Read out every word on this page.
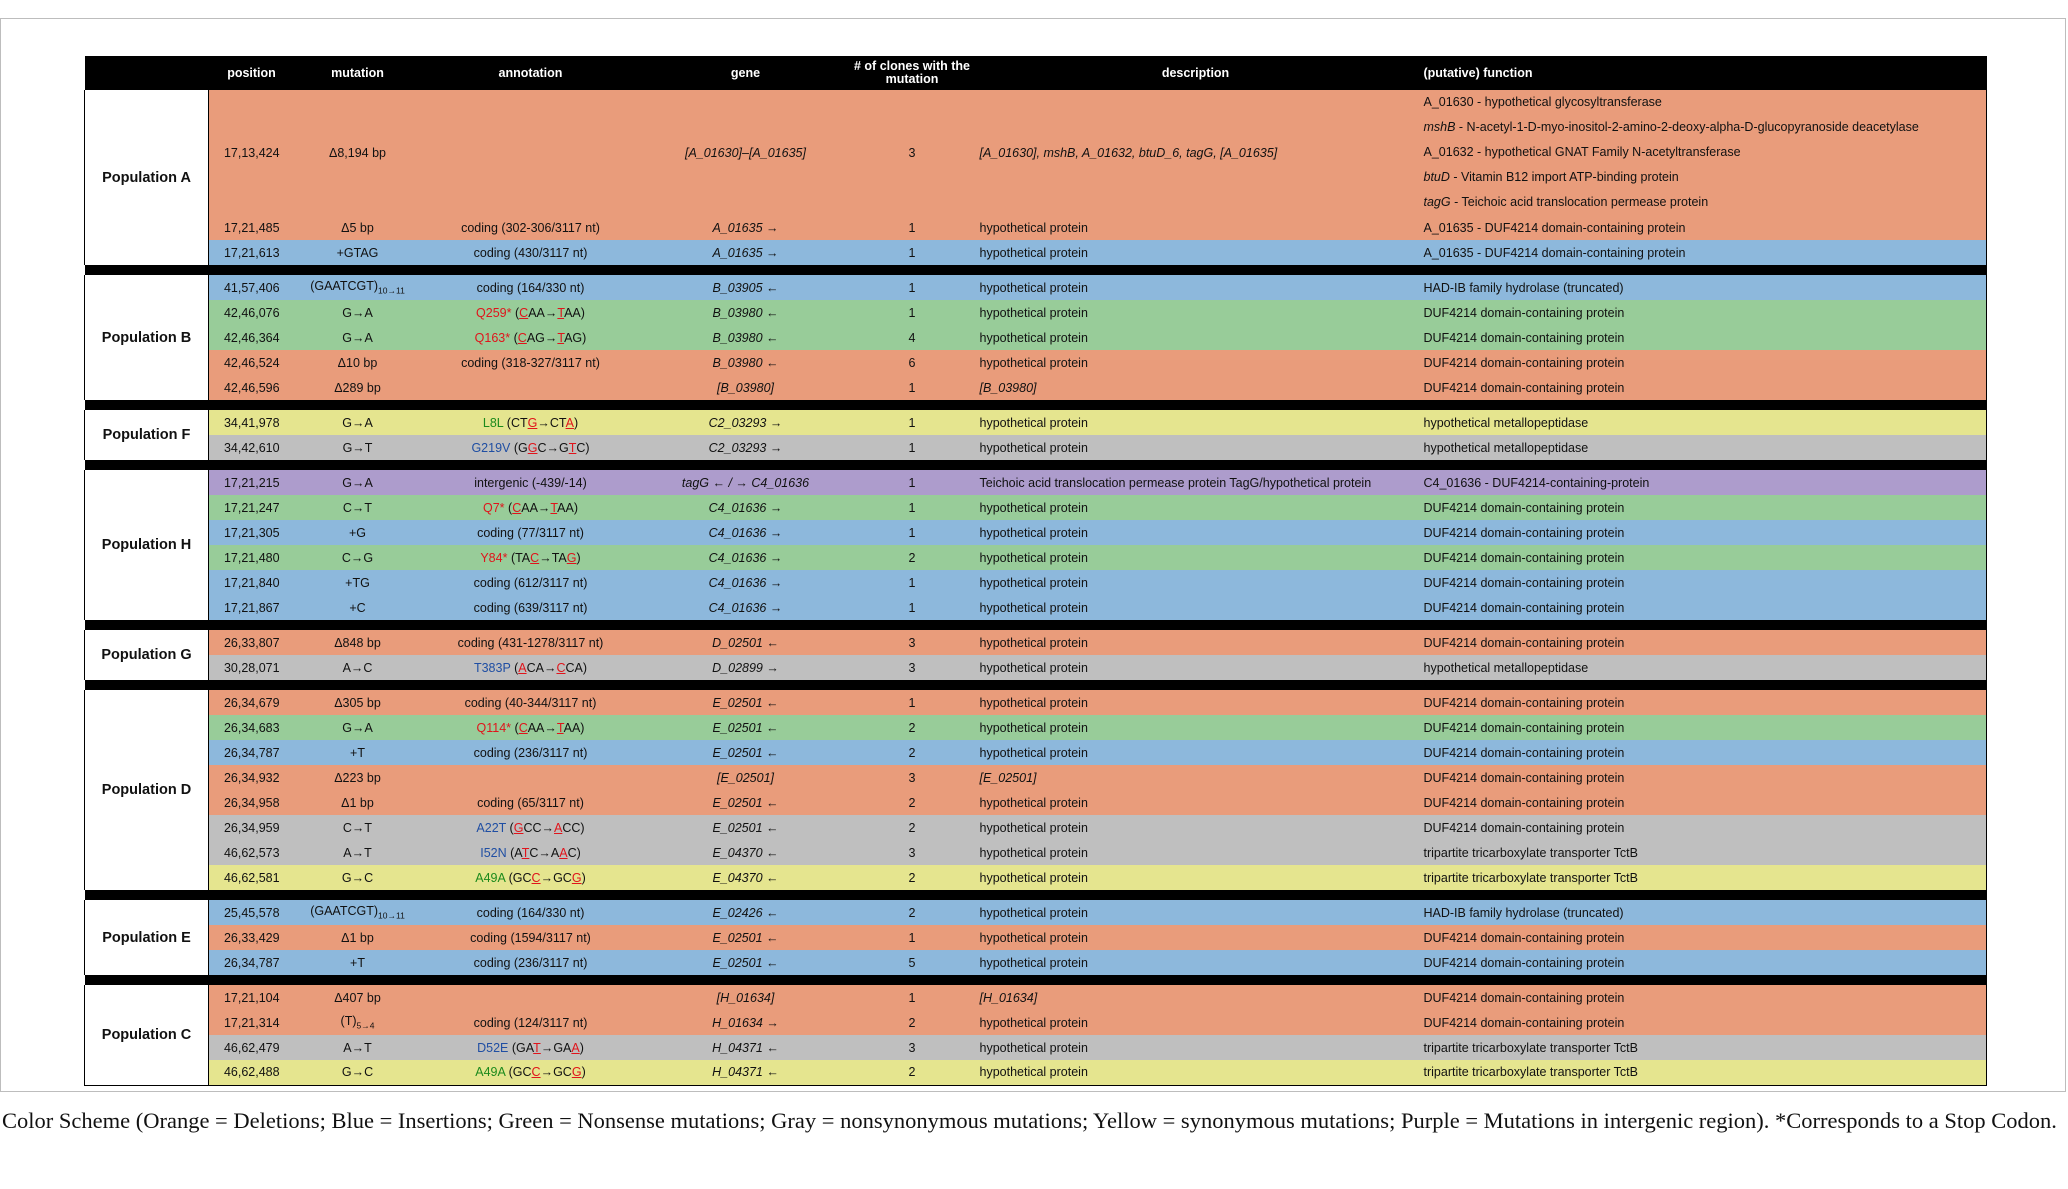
	position	mutation	annotation	gene	# of clones with the mutation	description	(putative) function
Population A	17,13,424	Δ8,194 bp		[A_01630]–[A_01635]	3	[A_01630], mshB, A_01632, btuD_6, tagG, [A_01635]	A_01630 - hypothetical glycosyltransferase
mshB - N-acetyl-1-D-myo-inositol-2-amino-2-deoxy-alpha-D-glucopyranoside deacetylase
A_01632 - hypothetical GNAT Family N-acetyltransferase
btuD - Vitamin B12 import ATP-binding protein
tagG - Teichoic acid translocation permease protein

	17,21,485	Δ5 bp	coding (302‑306/3117 nt)	A_01635 →	1	hypothetical protein	A_01635 - DUF4214 domain-containing protein
	17,21,613	+GTAG	coding (430/3117 nt)	A_01635 →	1	hypothetical protein	A_01635 - DUF4214 domain-containing protein

Population B	41,57,406	$(GAATCGT)_{10\to 11}$	coding (164/330 nt)	B_03905 ←	1	hypothetical protein	HAD-IB family hydrolase (truncated)
	42,46,076	G→A	Q259* (CAA→TAA)	B_03980 ←	1	hypothetical protein	DUF4214 domain-containing protein
	42,46,364	G→A	Q163* (CAG→TAG)	B_03980 ←	4	hypothetical protein	DUF4214 domain-containing protein
	42,46,524	Δ10 bp	coding (318‑327/3117 nt)	B_03980 ←	6	hypothetical protein	DUF4214 domain-containing protein
	42,46,596	Δ289 bp		[B_03980]	1	[B_03980]	DUF4214 domain-containing protein

Population F	34,41,978	G→A	L8L (CTG→CTA)	C2_03293 →	1	hypothetical protein	hypothetical metallopeptidase
	34,42,610	G→T	G219V (GGC→GTC)	C2_03293 →	1	hypothetical protein	hypothetical metallopeptidase

Population H	17,21,215	G→A	intergenic (‑439/‑14)	tagG ← / → C4_01636	1	Teichoic acid translocation permease protein TagG/hypothetical protein	C4_01636 - DUF4214-containing-protein
	17,21,247	C→T	Q7* (CAA→TAA)	C4_01636 →	1	hypothetical protein	DUF4214 domain-containing protein
	17,21,305	+G	coding (77/3117 nt)	C4_01636 →	1	hypothetical protein	DUF4214 domain-containing protein
	17,21,480	C→G	Y84* (TAC→TAG)	C4_01636 →	2	hypothetical protein	DUF4214 domain-containing protein
	17,21,840	+TG	coding (612/3117 nt)	C4_01636 →	1	hypothetical protein	DUF4214 domain-containing protein
	17,21,867	+C	coding (639/3117 nt)	C4_01636 →	1	hypothetical protein	DUF4214 domain-containing protein

Population G	26,33,807	Δ848 bp	coding (431‑1278/3117 nt)	D_02501 ←	3	hypothetical protein	DUF4214 domain-containing protein
	30,28,071	A→C	T383P (ACA→CCA)	D_02899 →	3	hypothetical protein	hypothetical metallopeptidase

Population D	26,34,679	Δ305 bp	coding (40‑344/3117 nt)	E_02501 ←	1	hypothetical protein	DUF4214 domain-containing protein
	26,34,683	G→A	Q114* (CAA→TAA)	E_02501 ←	2	hypothetical protein	DUF4214 domain-containing protein
	26,34,787	+T	coding (236/3117 nt)	E_02501 ←	2	hypothetical protein	DUF4214 domain-containing protein
	26,34,932	Δ223 bp		[E_02501]	3	[E_02501]	DUF4214 domain-containing protein
	26,34,958	Δ1 bp	coding (65/3117 nt)	E_02501 ←	2	hypothetical protein	DUF4214 domain-containing protein
	26,34,959	C→T	A22T (GCC→ACC)	E_02501 ←	2	hypothetical protein	DUF4214 domain-containing protein
	46,62,573	A→T	I52N (ATC→AAC)	E_04370 ←	3	hypothetical protein	tripartite tricarboxylate transporter TctB
	46,62,581	G→C	A49A (GCC→GCG)	E_04370 ←	2	hypothetical protein	tripartite tricarboxylate transporter TctB

Population E	25,45,578	$(GAATCGT)_{10\to 11}$	coding (164/330 nt)	E_02426 ←	2	hypothetical protein	HAD-IB family hydrolase (truncated)
	26,33,429	Δ1 bp	coding (1594/3117 nt)	E_02501 ←	1	hypothetical protein	DUF4214 domain-containing protein
	26,34,787	+T	coding (236/3117 nt)	E_02501 ←	5	hypothetical protein	DUF4214 domain-containing protein

Population C	17,21,104	Δ407 bp		[H_01634]	1	[H_01634]	DUF4214 domain-containing protein
	17,21,314	$(T)_{5\to 4}$	coding (124/3117 nt)	H_01634 →	2	hypothetical protein	DUF4214 domain-containing protein
	46,62,479	A→T	D52E (GAT→GAA)	H_04371 ←	3	hypothetical protein	tripartite tricarboxylate transporter TctB
	46,62,488	G→C	A49A (GCC→GCG)	H_04371 ←	2	hypothetical protein	tripartite tricarboxylate transporter TctB
Color Scheme (Orange = Deletions; Blue = Insertions; Green = Nonsense mutations; Gray = nonsynonymous mutations; Yellow = synonymous mutations; Purple = Mutations in intergenic region). *Corresponds to a Stop Codon.
